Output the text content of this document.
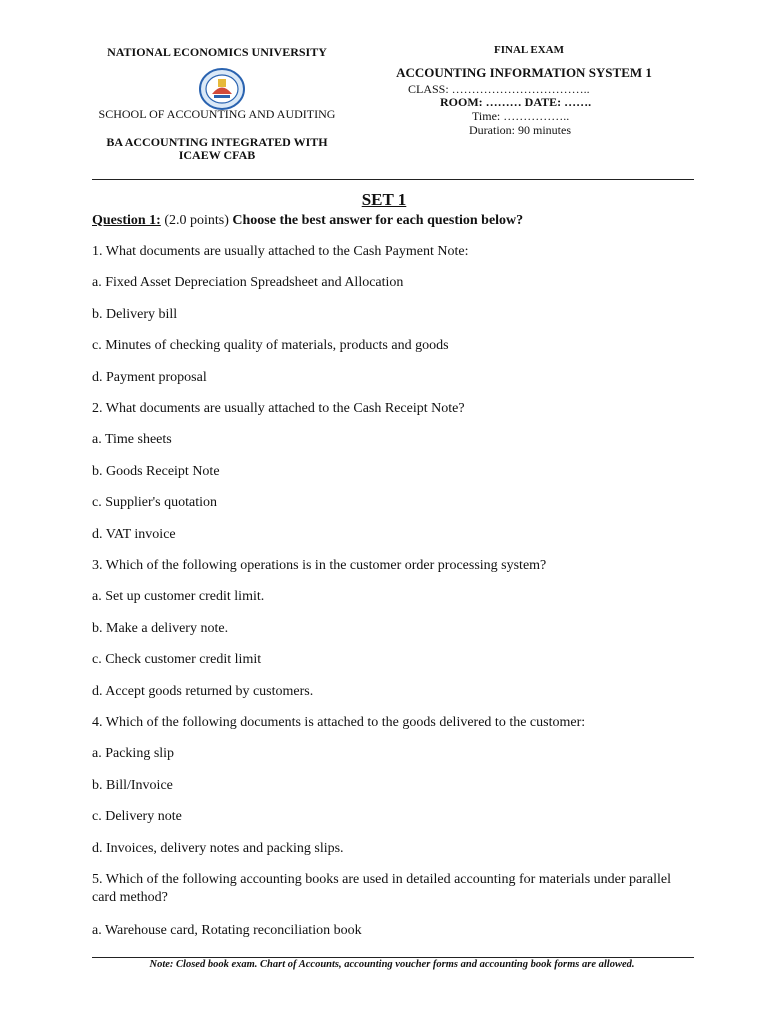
NATIONAL ECONOMICS UNIVERSITY
SCHOOL OF ACCOUNTING AND AUDITING
BA ACCOUNTING INTEGRATED WITH
ICAEW CFAB
FINAL EXAM
ACCOUNTING INFORMATION SYSTEM 1
CLASS: ……………………………..
ROOM: ……… DATE: …….
Time: ……………..
Duration: 90 minutes
SET 1
Question 1: (2.0 points) Choose the best answer for each question below?
1. What documents are usually attached to the Cash Payment Note:
a. Fixed Asset Depreciation Spreadsheet and Allocation
b. Delivery bill
c. Minutes of checking quality of materials, products and goods
d. Payment proposal
2. What documents are usually attached to the Cash Receipt Note?
a. Time sheets
b. Goods Receipt Note
c. Supplier's quotation
d. VAT invoice
3. Which of the following operations is in the customer order processing system?
a. Set up customer credit limit.
b. Make a delivery note.
c. Check customer credit limit
d. Accept goods returned by customers.
4. Which of the following documents is attached to the goods delivered to the customer:
a. Packing slip
b. Bill/Invoice
c. Delivery note
d. Invoices, delivery notes and packing slips.
5. Which of the following accounting books are used in detailed accounting for materials under parallel card method?
a. Warehouse card, Rotating reconciliation book
Note: Closed book exam. Chart of Accounts, accounting voucher forms and accounting book forms are allowed.
